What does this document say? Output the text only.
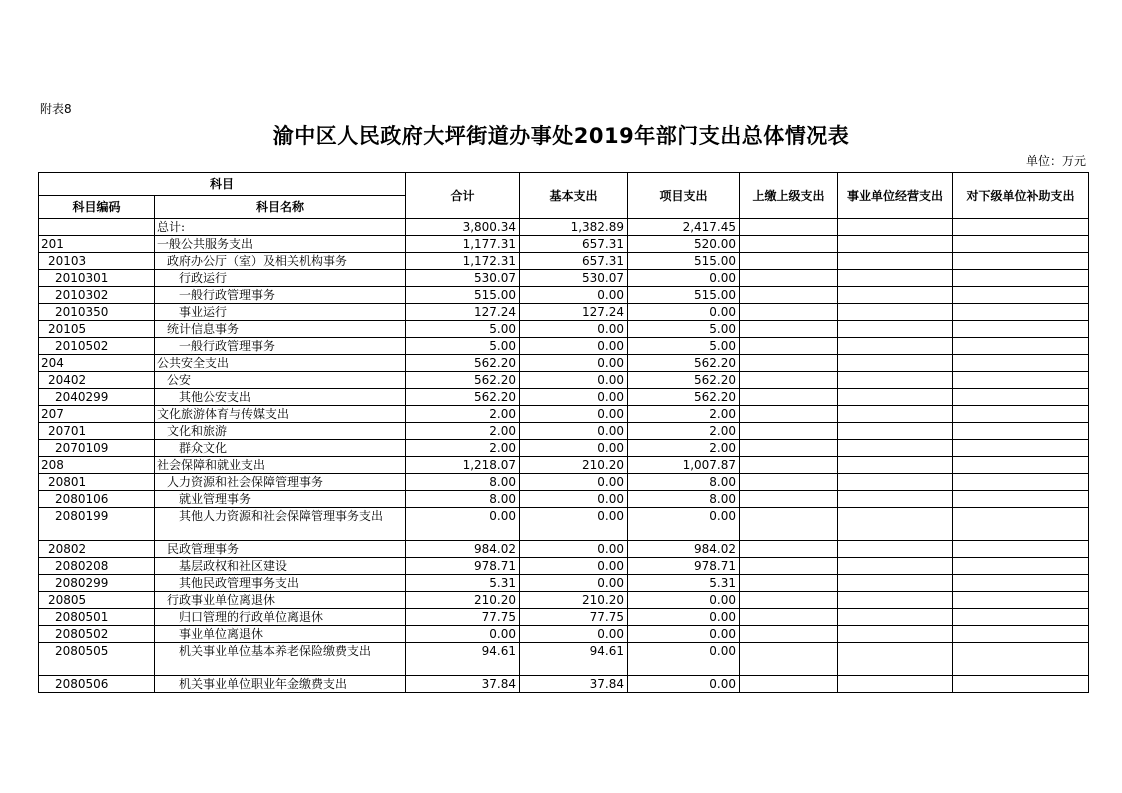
附表8
渝中区人民政府大坪街道办事处2019年部门支出总体情况表
单位：万元
科目		合计	基本支出	项目支出	上缴上级支出	事业单位经营支出	对下级单位补助支出
科目编码	科目名称						
	总计:	3,800.34	1,382.89	2,417.45			
201	一般公共服务支出	1,177.31	657.31	520.00			
20103	政府办公厅（室）及相关机构事务	1,172.31	657.31	515.00			
2010301	行政运行	530.07	530.07	0.00			
2010302	一般行政管理事务	515.00	0.00	515.00			
2010350	事业运行	127.24	127.24	0.00			
20105	统计信息事务	5.00	0.00	5.00			
2010502	一般行政管理事务	5.00	0.00	5.00			
204	公共安全支出	562.20	0.00	562.20			
20402	公安	562.20	0.00	562.20			
2040299	其他公安支出	562.20	0.00	562.20			
207	文化旅游体育与传媒支出	2.00	0.00	2.00			
20701	文化和旅游	2.00	0.00	2.00			
2070109	群众文化	2.00	0.00	2.00			
208	社会保障和就业支出	1,218.07	210.20	1,007.87			
20801	人力资源和社会保障管理事务	8.00	0.00	8.00			
2080106	就业管理事务	8.00	0.00	8.00			
2080199	其他人力资源和社会保障管理事务支出	0.00	0.00	0.00			
20802	民政管理事务	984.02	0.00	984.02			
2080208	基层政权和社区建设	978.71	0.00	978.71			
2080299	其他民政管理事务支出	5.31	0.00	5.31			
20805	行政事业单位离退休	210.20	210.20	0.00			
2080501	归口管理的行政单位离退休	77.75	77.75	0.00			
2080502	事业单位离退休	0.00	0.00	0.00			
2080505	机关事业单位基本养老保险缴费支出	94.61	94.61	0.00			
2080506	机关事业单位职业年金缴费支出	37.84	37.84	0.00			
